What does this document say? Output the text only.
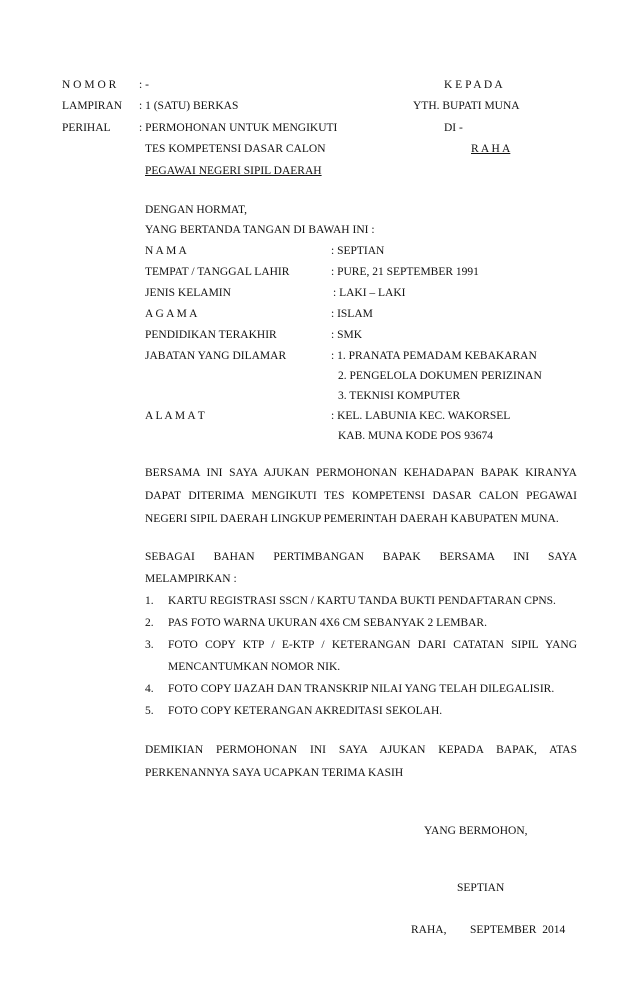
N O M O R : -	K E P A D A
LAMPIRAN : 1 (SATU) BERKAS	YTH. BUPATI MUNA
PERIHAL : PERMOHONAN UNTUK MENGIKUTI	DI -
TES KOMPETENSI DASAR CALON	R A H A
PEGAWAI NEGERI SIPIL DAERAH
DENGAN HORMAT,
YANG BERTANDA TANGAN DI BAWAH INI :
N A M A	: SEPTIAN
TEMPAT / TANGGAL LAHIR	: PURE, 21 SEPTEMBER 1991
JENIS KELAMIN	: LAKI – LAKI
A G A M A	: ISLAM
PENDIDIKAN TERAKHIR	: SMK
JABATAN YANG DILAMAR	: 1. PRANATA PEMADAM KEBAKARAN
2. PENGELOLA DOKUMEN PERIZINAN
3. TEKNISI KOMPUTER
A L A M A T	: KEL. LABUNIA KEC. WAKORSEL
KAB. MUNA KODE POS 93674
BERSAMA INI SAYA AJUKAN PERMOHONAN KEHADAPAN BAPAK KIRANYA
DAPAT DITERIMA MENGIKUTI TES KOMPETENSI DASAR CALON PEGAWAI
NEGERI SIPIL DAERAH LINGKUP PEMERINTAH DAERAH KABUPATEN MUNA.
SEBAGAI BAHAN PERTIMBANGAN BAPAK BERSAMA INI SAYA
MELAMPIRKAN :
1. KARTU REGISTRASI SSCN / KARTU TANDA BUKTI PENDAFTARAN CPNS.
2. PAS FOTO WARNA UKURAN 4X6 CM SEBANYAK 2 LEMBAR.
3. FOTO COPY KTP / E-KTP / KETERANGAN DARI CATATAN SIPIL YANG
MENCANTUMKAN NOMOR NIK.
4. FOTO COPY IJAZAH DAN TRANSKRIP NILAI YANG TELAH DILEGALISIR.
5. FOTO COPY KETERANGAN AKREDITASI SEKOLAH.
DEMIKIAN PERMOHONAN INI SAYA AJUKAN KEPADA BAPAK, ATAS
PERKENANNYA SAYA UCAPKAN TERIMA KASIH
YANG BERMOHON,
SEPTIAN
RAHA, SEPTEMBER  2014
